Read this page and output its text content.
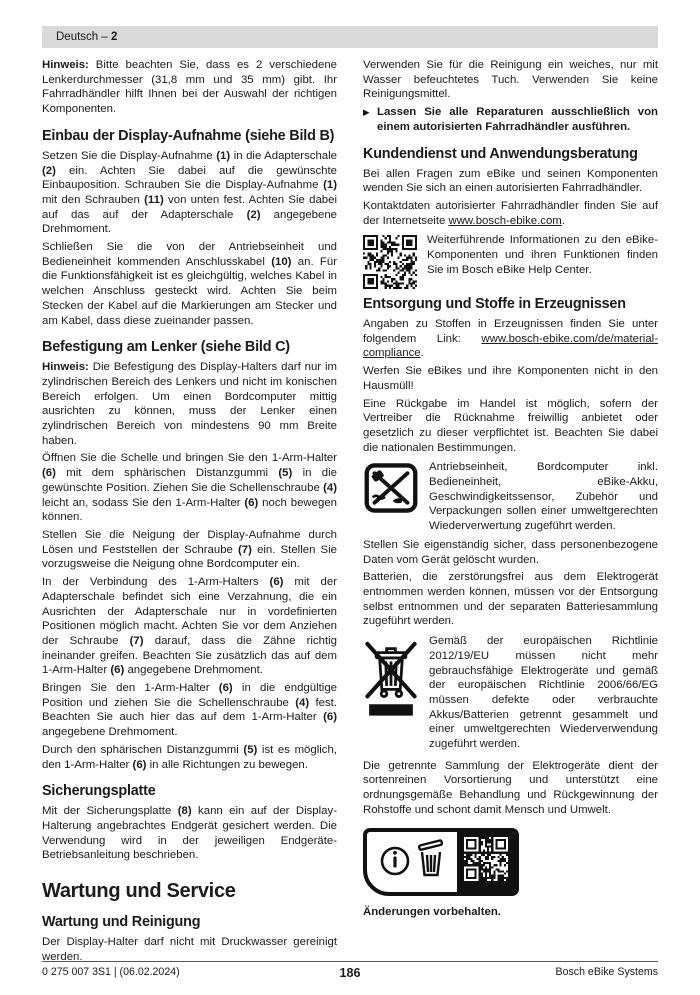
Deutsch – 2

Hinweis: Bitte beachten Sie, dass es 2 verschiedene Lenkerdurchmesser (31,8 mm und 35 mm) gibt. Ihr Fahrradhändler hilft Ihnen bei der Auswahl der richtigen Komponenten.

Einbau der Display-Aufnahme (siehe Bild B)

Setzen Sie die Display-Aufnahme (1) in die Adapterschale (2) ein. Achten Sie dabei auf die gewünschte Einbauposition. Schrauben Sie die Display-Aufnahme (1) mit den Schrauben (11) von unten fest. Achten Sie dabei auf das auf der Adapterschale (2) angegebene Drehmoment.

Schließen Sie die von der Antriebseinheit und Bedieneinheit kommenden Anschlusskabel (10) an. Für die Funktionsfähigkeit ist es gleichgültig, welches Kabel in welchen Anschluss gesteckt wird. Achten Sie beim Stecken der Kabel auf die Markierungen am Stecker und am Kabel, dass diese zueinander passen.

Befestigung am Lenker (siehe Bild C)

Hinweis: Die Befestigung des Display-Halters darf nur im zylindrischen Bereich des Lenkers und nicht im konischen Bereich erfolgen. Um einen Bordcomputer mittig ausrichten zu können, muss der Lenker einen zylindrischen Bereich von mindestens 90 mm Breite haben.

Öffnen Sie die Schelle und bringen Sie den 1-Arm-Halter (6) mit dem sphärischen Distanzgummi (5) in die gewünschte Position. Ziehen Sie die Schellenschraube (4) leicht an, sodass Sie den 1-Arm-Halter (6) noch bewegen können.

Stellen Sie die Neigung der Display-Aufnahme durch Lösen und Feststellen der Schraube (7) ein. Stellen Sie vorzugsweise die Neigung ohne Bordcomputer ein.

In der Verbindung des 1-Arm-Halters (6) mit der Adapterschale befindet sich eine Verzahnung, die ein Ausrichten der Adapterschale nur in vordefinierten Positionen möglich macht. Achten Sie vor dem Anziehen der Schraube (7) darauf, dass die Zähne richtig ineinander greifen. Beachten Sie zusätzlich das auf dem 1-Arm-Halter (6) angegebene Drehmoment.

Bringen Sie den 1-Arm-Halter (6) in die endgültige Position und ziehen Sie die Schellenschraube (4) fest. Beachten Sie auch hier das auf dem 1-Arm-Halter (6) angegebene Drehmoment.

Durch den sphärischen Distanzgummi (5) ist es möglich, den 1-Arm-Halter (6) in alle Richtungen zu bewegen.

Sicherungsplatte

Mit der Sicherungsplatte (8) kann ein auf der Display-Halterung angebrachtes Endgerät gesichert werden. Die Verwendung wird in der jeweiligen Endgeräte-Betriebsanleitung beschrieben.

Wartung und Service
Wartung und Reinigung

Der Display-Halter darf nicht mit Druckwasser gereinigt werden.

Verwenden Sie für die Reinigung ein weiches, nur mit Wasser befeuchtetes Tuch. Verwenden Sie keine Reinigungsmittel.

▶ Lassen Sie alle Reparaturen ausschließlich von einem autorisierten Fahrradhändler ausführen.

Kundendienst und Anwendungsberatung

Bei allen Fragen zum eBike und seinen Komponenten wenden Sie sich an einen autorisierten Fahrradhändler.

Kontaktdaten autorisierter Fahrradhändler finden Sie auf der Internetseite www.bosch-ebike.com.

Weiterführende Informationen zu den eBike-Komponenten und ihren Funktionen finden Sie im Bosch eBike Help Center.

Entsorgung und Stoffe in Erzeugnissen

Angaben zu Stoffen in Erzeugnissen finden Sie unter folgendem Link: www.bosch-ebike.com/de/material-compliance.

Werfen Sie eBikes und ihre Komponenten nicht in den Hausmüll!

Eine Rückgabe im Handel ist möglich, sofern der Vertreiber die Rücknahme freiwillig anbietet oder gesetzlich zu dieser verpflichtet ist. Beachten Sie dabei die nationalen Bestimmungen.

Antriebseinheit, Bordcomputer inkl. Bedieneinheit, eBike-Akku, Geschwindigkeitssensor, Zubehör und Verpackungen sollen einer umweltgerechten Wiederverwertung zugeführt werden.

Stellen Sie eigenständig sicher, dass personenbezogene Daten vom Gerät gelöscht wurden.

Batterien, die zerstörungsfrei aus dem Elektrogerät entnommen werden können, müssen vor der Entsorgung selbst entnommen und der separaten Batteriesammlung zugeführt werden.

Gemäß der europäischen Richtlinie 2012/19/EU müssen nicht mehr gebrauchsfähige Elektrogeräte und gemäß der europäischen Richtlinie 2006/66/EG müssen defekte oder verbrauchte Akkus/Batterien getrennt gesammelt und einer umweltgerechten Wiederverwendung zugeführt werden.

Die getrennte Sammlung der Elektrogeräte dient der sortenreinen Vorsortierung und unterstützt eine ordnungsgemäße Behandlung und Rückgewinnung der Rohstoffe und schont damit Mensch und Umwelt.

Änderungen vorbehalten.

0 275 007 3S1 | (06.02.2024)	186	Bosch eBike Systems
